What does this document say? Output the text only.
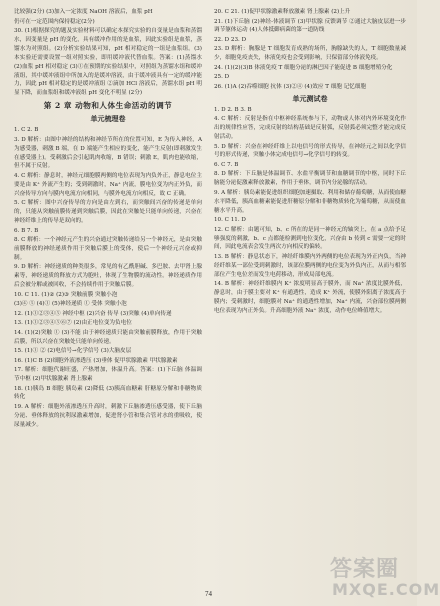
比较强(2分) (3)加入一定浓度 NaOH 溶液后，血浆 pH

仍可在一定范围内保持稳定(2分)

30. (1)根据探究的题及实验材料可以确定本探究实验的自变量是血浆和蒸馏水，因变量是 pH 的变化，具有缓冲作用的是血浆，因此实验组是血浆，蒸馏水为对照组。(2)分析实验结果可知，pH 相对稳定的一组是血浆组。(3)本实验还需要设置一组对照实验，即用缓冲液代替血浆。答案：(1)蒸馏水(2)血浆 pH 相对稳定 (3)①在预期的实验结果中，对照组为蒸馏水组和缓冲液组，其中缓冲液组中所加入的是缓冲溶液，由于缓冲液具有一定的缓冲能力，因此 pH 相对稳定的是缓冲液组 ②滴加 HCl 溶液后，蒸馏水组 pH 明显下降，而血浆组和缓冲液组 pH 变化不明显 (2分)

第 2 章 动物和人体生命活动的调节
单元梳理卷

1. C 2. B

3. D 解析：由图中神经的结构和神经节所在的位置可知，E 为传入神经，A 为感受器，刺激 B 端，在 D 端能产生相应的变化，能产生反射(即刺激发生在感受器上)。受刺激后会引起肌肉收缩，B 错误；刺激 E，肌肉也能收缩，但不属于反射。

4. C 解析：静息时，神经元细胞膜两侧的电位表现为内负外正，静息电位主要是由 K⁺ 外流产生的；受到刺激时，Na⁺ 内流，膜电位变为内正外负，而兴奋传导方向与膜内电流方向相同，与膜外电流方向相反，故 C 正确。

5. C 解析：图中兴奋传导的方向是由左到右，而突触间兴奋的传递是单向的，只能从突触前膜传递到突触后膜，因此在突触处只能单向传递，兴奋在神经纤维上的传导是双向的。

6. B 7. B

8. C 解析：一个神经元产生的兴奋通过突触传递给另一个神经元，是由突触前膜释放的神经递质作用于突触后膜上的受体，使后一个神经元兴奋或抑制。

9. D 解析：神经递质的种类很多，常见的有乙酰胆碱、多巴胺、去甲肾上腺素等，神经递质的释放方式为胞吐，体现了生物膜的流动性。神经递质作用后会被分解或被回收，不会持续作用于突触后膜。

10. C 11. (1)② (2)③ 突触前膜 突触小泡

(3)④ ⑤ (4)① (5)神经递质 ① 受体 突触小泡

12. (1)①②③④⑤ 神经中枢 (2)兴奋 传导 (3)突触 (4)单向传递

13. (1)①②③④⑤⑥⑦ (2)由正电位变为负电位

14. (1)(2)突触 ① (3)不能 由于神经递质只能由突触前膜释放，作用于突触后膜，所以兴奋在突触处只能单向传递。

15. (1)① ② (2)电信号→化学信号 (3)大脑皮层

16. (1)C B (2)细胞外液渗透压 (3)垂体 促甲状腺激素 甲状腺激素

17. 解析：细胞代谢旺盛，产热增加，体温升高。答案：(1)下丘脑 体温调节中枢 (2)甲状腺激素 肾上腺素

18. (1)胰岛 B 细胞 胰岛素 (2)降低 (3)胰高血糖素 肝糖原分解和非糖物质转化

19. A 解析：细胞外液渗透压升高时，刺激下丘脑渗透压感受器，使下丘脑分泌、垂体释放的抗利尿激素增加，促进肾小管和集合管对水的重吸收，使尿量减少。

20. C 21. (1)促甲状腺激素释放激素 肾上腺素 (2)上升

21. (1)下丘脑 (2)神经-体液调节 (3)甲状腺 反馈调节 ②通过大脑皮层进一步调节躯体运动 (4)人体抵御病菌的第一道防线

22. D 23. D

23. D 解析：胸腺是 T 细胞发育成熟的场所，胸腺缺失的人，T 细胞数量减少，细胞免疫丧失，体液免疫也会受到影响，只保留部分体液免疫。

24. (1)(2)(3)B 体液免疫 T 细胞分泌的淋巴因子能促进 B 细胞增殖分化

25. D

26. (1)A (2)吞噬细胞 抗体 (3)②④ (4)效应 T 细胞 记忆细胞

单元测试卷

1. D 2. B 3. B

4. C 解析：反射是指在中枢神经系统参与下，动物或人体对内外环境变化作出的规律性应答，完成反射的结构基础是反射弧，反射弧必须完整才能完成反射活动。

5. D 解析：兴奋在神经纤维上以电信号的形式传导，在神经元之间以化学信号的形式传递，突触小体完成电信号→化学信号的转变。

6. C 7. B

8. D 解析：下丘脑是体温调节、水盐平衡调节和血糖调节的中枢，同时下丘脑能分泌促激素释放激素，作用于垂体，调节内分泌腺的活动。

9. A 解析：胰岛素能促进组织细胞加速摄取、利用和储存葡萄糖，从而使血糖水平降低，胰高血糖素能促进肝糖原分解和非糖物质转化为葡萄糖，从而使血糖水平升高。

10. C 11. D

12. C 解析：由题可知，b、c 所在的是同一神经元的轴突上，在 a 点给予足够强度的刺激，b、c 点都能检测到电位变化，兴奋由 b 传到 c 需要一定的时间，因此电流表会发生两次方向相反的偏转。

13. B 解析：静息状态下，神经纤维膜内外两侧的电位表现为外正内负，当神经纤维某一部位受到刺激时，该部位膜两侧的电位变为外负内正，从而与相邻部位产生电位差而发生电荷移动，形成局部电流。

14. B 解析：神经纤维膜内 K⁺ 浓度明显高于膜外，而 Na⁺ 浓度比膜外低，静息时，由于膜主要对 K⁺ 有通透性，造成 K⁺ 外流，使膜外阳离子浓度高于膜内；受刺激时，细胞膜对 Na⁺ 的通透性增加，Na⁺ 内流，兴奋部位膜两侧电位表现为内正外负。升高细胞外液 Na⁺ 浓度，动作电位峰值增大。

74
答案圈
MXQE.COM
